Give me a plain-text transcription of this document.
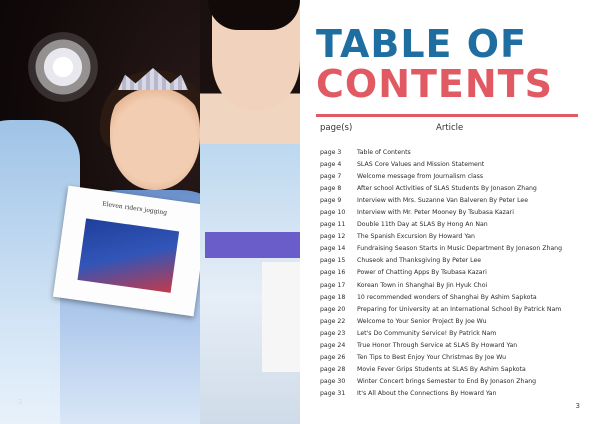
Eleven riders jogging
2
TABLE OF
CONTENTS
page(s)	Article
page 3	Table of Contents
page 4	SLAS Core Values and Mission Statement
page 7	Welcome message from Journalism class
page 8	After school Activities of SLAS Students By Jonason Zhang
page 9	Interview with Mrs. Suzanne Van Balveren By Peter Lee
page 10	Interview with Mr. Peter Mooney By Tsubasa Kazari
page 11	Double 11th Day at SLAS By Hong An Nan
page 12	The Spanish Excursion By Howard Yan
page 14	Fundraising Season Starts in Music Department By Jonason Zhang
page 15	Chuseok and Thanksgiving By Peter Lee
page 16	Power of Chatting Apps By Tsubasa Kazari
page 17	Korean Town in Shanghai By Jin Hyuk Choi
page 18	10 recommended wonders of Shanghai By Ashim Sapkota
page 20	Preparing for University at an International School By Patrick Nam
page 22	Welcome to Your Senior Project By Joe Wu
page 23	Let's Do Community Service! By Patrick Nam
page 24	True Honor Through Service at SLAS By Howard Yan
page 26	Ten Tips to Best Enjoy Your Christmas By Joe Wu
page 28	Movie Fever Grips Students at SLAS By Ashim Sapkota
page 30	Winter Concert brings Semester to End By Jonason Zhang
page 31	It's All About the Connections By Howard Yan
3
